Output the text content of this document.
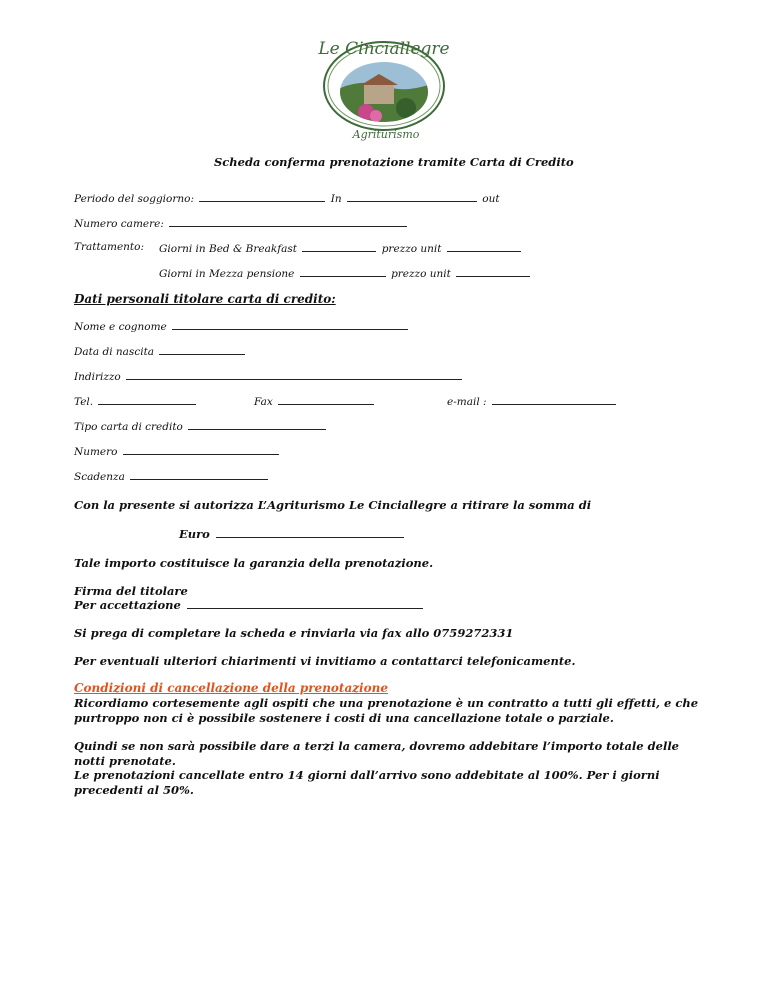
Le Cinciallegre
Agriturismo
Scheda conferma prenotazione tramite Carta di Credito
Periodo del soggiorno:	In	out
Numero camere:
Trattamento: Giorni in Bed & Breakfast	prezzo unit
Giorni in Mezza pensione	prezzo unit
Dati personali titolare carta di credito:
Nome e cognome
Data di nascita
Indirizzo
Tel.	Fax	e-mail :
Tipo carta di credito
Numero
Scadenza
Con la presente si autorizza L’Agriturismo Le Cinciallegre a ritirare la somma di
Euro
Tale importo costituisce la garanzia della prenotazione.
Firma del titolare
Per accettazione
Si prega di completare la scheda e rinviarla via fax allo 0759272331
Per eventuali ulteriori chiarimenti vi invitiamo a contattarci telefonicamente.
Condizioni di cancellazione della prenotazione
Ricordiamo cortesemente agli ospiti che una prenotazione è un contratto a tutti gli effetti, e che purtroppo non ci è possibile sostenere i costi di una cancellazione totale o parziale.
Quindi se non sarà possibile dare a terzi la camera, dovremo addebitare l’importo totale delle notti prenotate.
Le prenotazioni cancellate entro 14 giorni dall’arrivo sono addebitate al 100%. Per i giorni precedenti al 50%.
